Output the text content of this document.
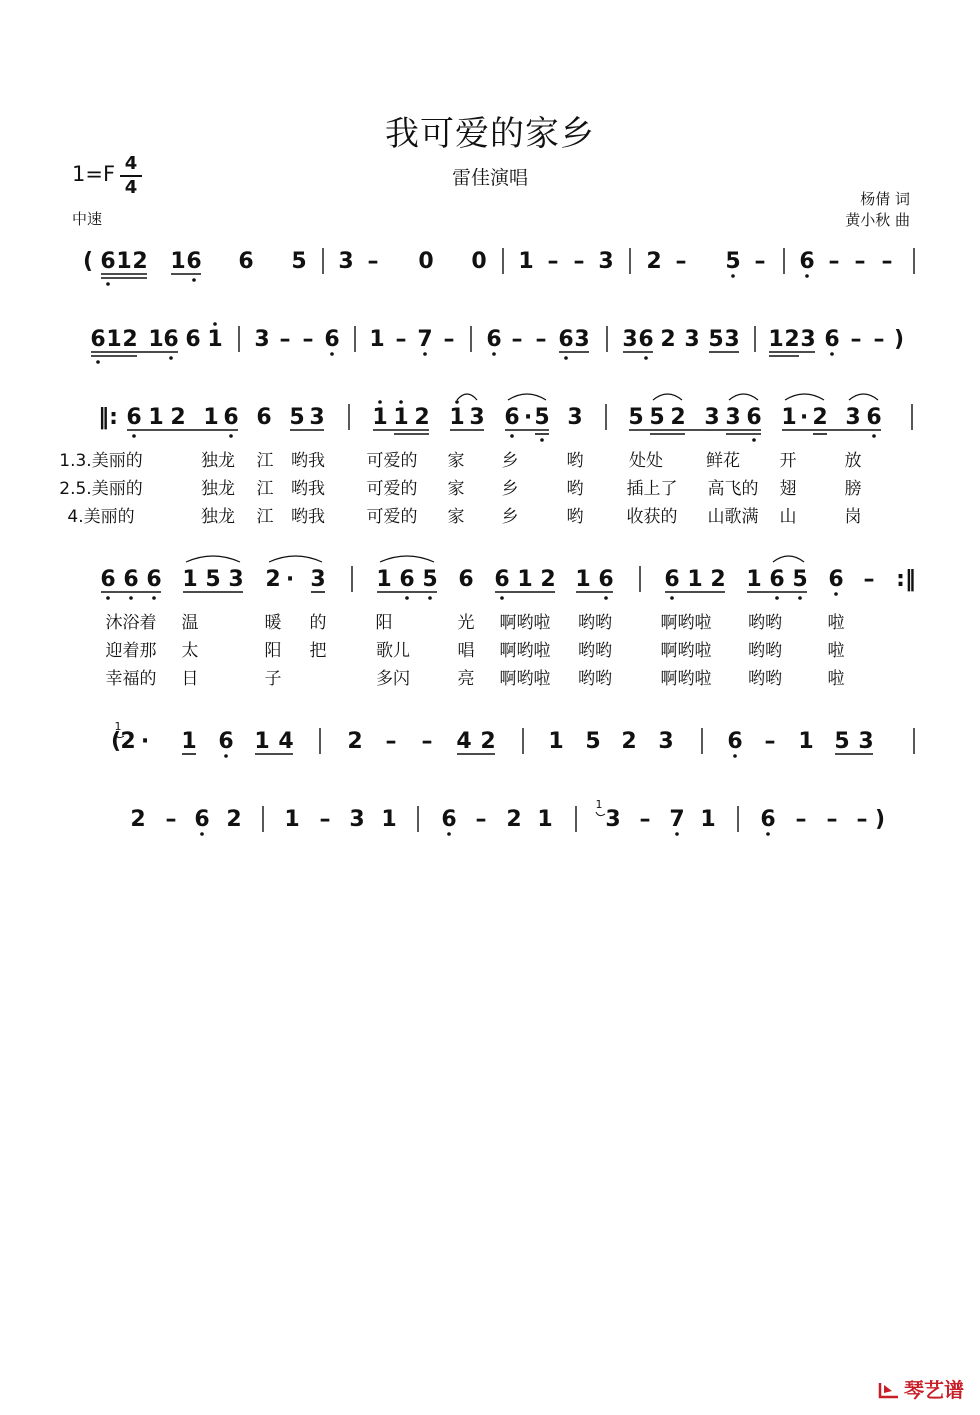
我可爱的家乡
雷佳演唱
1=F 4
4
中速
杨倩 词
黄小秋 曲
( 6 1 2 1 6 6 5 3 – 0 0 1 – – 3 2 – 5 – 6 – – –
6 1 2 1 6 6 1 3 – – 6 1 – 7 – 6 – – 6 3 3 6 2 3 5 3 1 2 3 6 – – )
‖: 6 1 2 1 6 6 5 3 1 1 2 1 3 6 · 5 3 5 5 2 3 3 6 1 · 2 3 6
6 6 6 1 5 3 2 · 3 1 6 5 6 6 1 2 1 6 6 1 2 1 6 5 6 – :‖
( 2 · 1 6 1 4 2 – – 4 2 1 5 2 3 6 – 1 5 3
1
2 – 6 2 1 – 3 1 6 – 2 1 3 – 7 1 6 – – – )
1
1.3.美丽的	独龙 江 哟我 可爱的 家 乡	哟	处处	鲜花 开	放
2.5.美丽的	独龙 江 哟我 可爱的 家 乡	哟	插上了 高飞的 翅	膀
4.美丽的	独龙 江 哟我 可爱的 家 乡	哟	收获的 山歌满 山	岗
沐浴着 温	暖 的	阳	光 啊哟啦 哟哟	啊哟啦 哟哟	啦
迎着那 太	阳 把	歌儿	唱 啊哟啦 哟哟	啊哟啦 哟哟	啦
幸福的 日	子	多闪	亮 啊哟啦 哟哟	啊哟啦 哟哟	啦
琴艺谱
